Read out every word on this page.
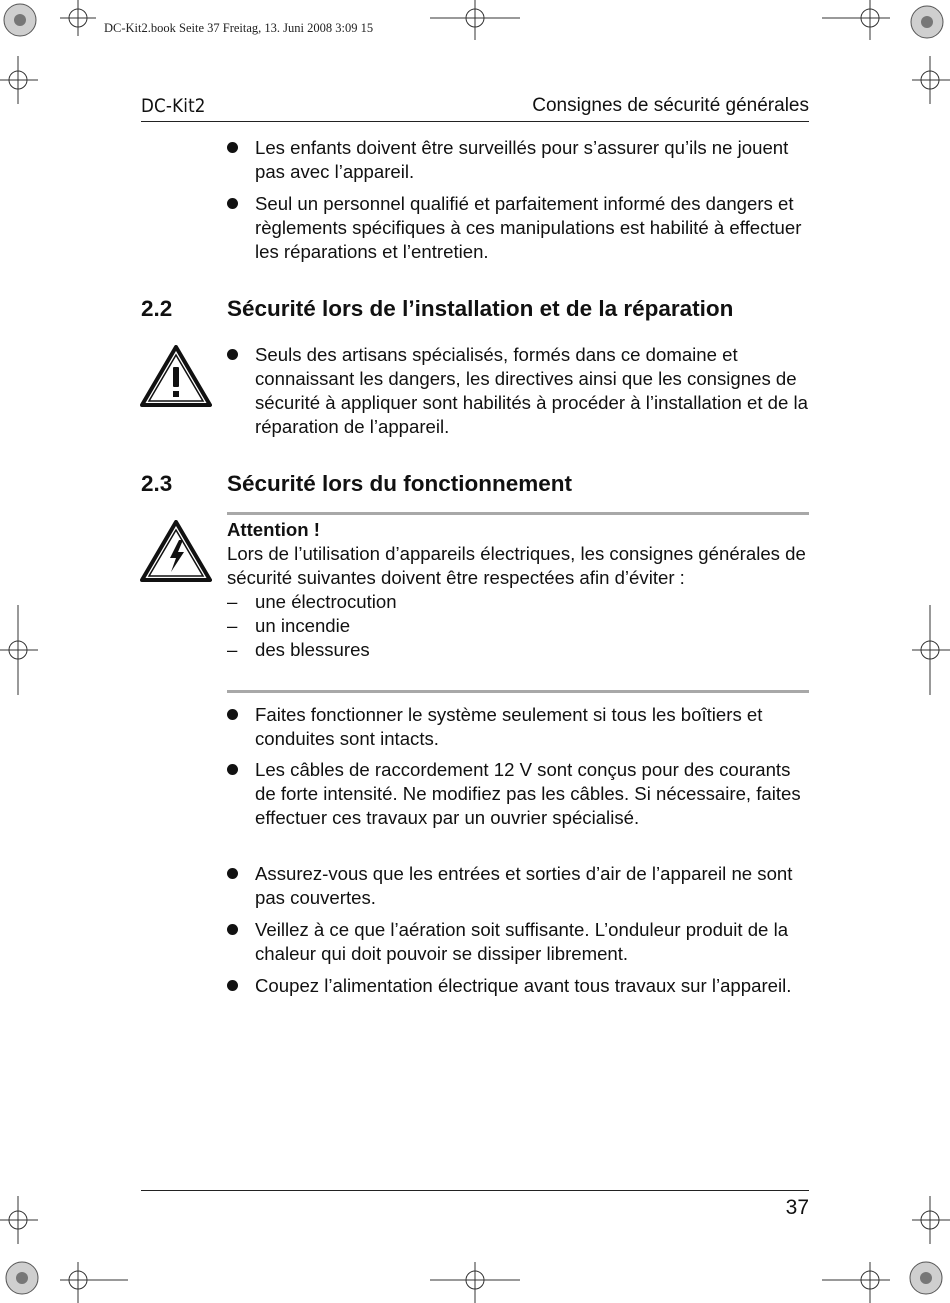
DC-Kit2.book Seite 37 Freitag, 13. Juni 2008 3:09 15
DC-Kit2	Consignes de sécurité générales
Les enfants doivent être surveillés pour s’assurer qu’ils ne jouent pas avec l’appareil.
Seul un personnel qualifié et parfaitement informé des dangers et règlements spécifiques à ces manipulations est habilité à effectuer les réparations et l’entretien.
2.2 Sécurité lors de l’installation et de la réparation
Seuls des artisans spécialisés, formés dans ce domaine et connaissant les dangers, les directives ainsi que les consignes de sécurité à appliquer sont habilités à procéder à l’installation et de la réparation de l’appareil.
2.3 Sécurité lors du fonctionnement
Attention !
Lors de l’utilisation d’appareils électriques, les consignes générales de sécurité suivantes doivent être respectées afin d’éviter :
– une électrocution
– un incendie
– des blessures
Faites fonctionner le système seulement si tous les boîtiers et conduites sont intacts.
Les câbles de raccordement 12 V sont conçus pour des courants de forte intensité. Ne modifiez pas les câbles. Si nécessaire, faites effectuer ces travaux par un ouvrier spécialisé.
Assurez-vous que les entrées et sorties d’air de l’appareil ne sont pas couvertes.
Veillez à ce que l’aération soit suffisante. L’onduleur produit de la chaleur qui doit pouvoir se dissiper librement.
Coupez l’alimentation électrique avant tous travaux sur l’appareil.
37
